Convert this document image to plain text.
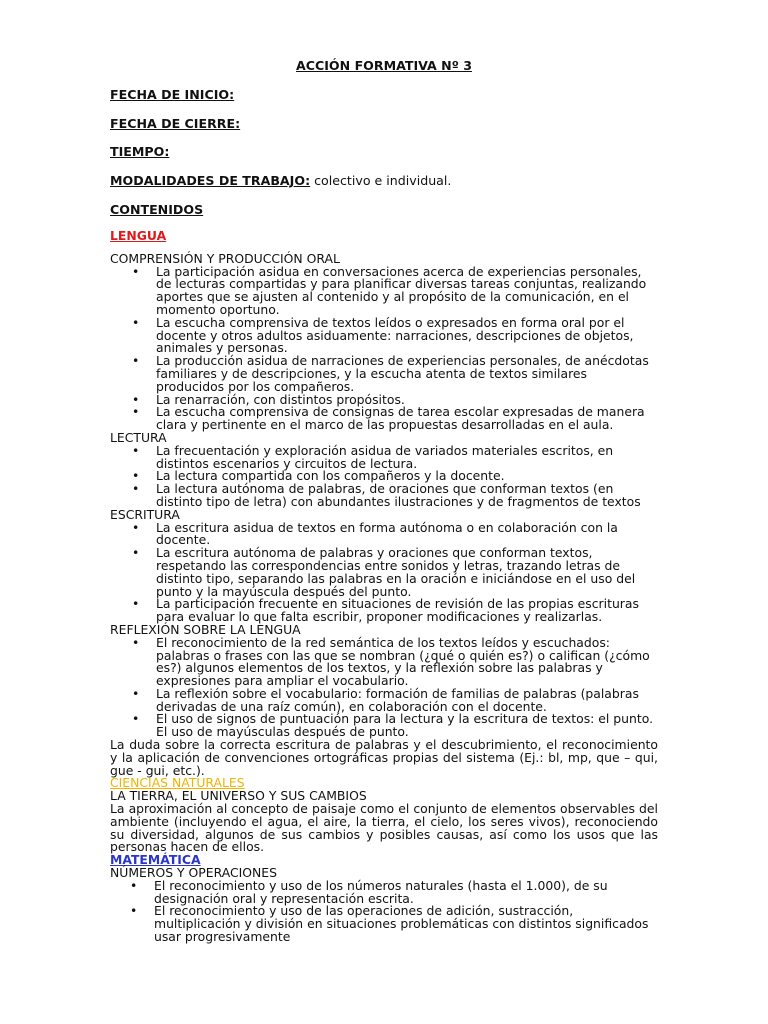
ACCIÓN FORMATIVA Nº 3
FECHA DE INICIO:
FECHA DE CIERRE:
TIEMPO:
MODALIDADES DE TRABAJO: colectivo e individual.
CONTENIDOS
LENGUA
COMPRENSIÓN Y PRODUCCIÓN ORAL
• La participación asidua en conversaciones acerca de experiencias personales, de lecturas compartidas y para planificar diversas tareas conjuntas, realizando aportes que se ajusten al contenido y al propósito de la comunicación, en el momento oportuno.
• La escucha comprensiva de textos leídos o expresados en forma oral por el docente y otros adultos asiduamente: narraciones, descripciones de objetos, animales y personas.
• La producción asidua de narraciones de experiencias personales, de anécdotas familiares y de descripciones, y la escucha atenta de textos similares producidos por los compañeros.
• La renarración, con distintos propósitos.
• La escucha comprensiva de consignas de tarea escolar expresadas de manera clara y pertinente en el marco de las propuestas desarrolladas en el aula.
LECTURA
• La frecuentación y exploración asidua de variados materiales escritos, en distintos escenarios y circuitos de lectura.
• La lectura compartida con los compañeros y la docente.
• La lectura autónoma de palabras, de oraciones que conforman textos (en distinto tipo de letra) con abundantes ilustraciones y de fragmentos de textos
ESCRITURA
• La escritura asidua de textos en forma autónoma o en colaboración con la docente.
• La escritura autónoma de palabras y oraciones que conforman textos, respetando las correspondencias entre sonidos y letras, trazando letras de distinto tipo, separando las palabras en la oración e iniciándose en el uso del punto y la mayúscula después del punto.
• La participación frecuente en situaciones de revisión de las propias escrituras para evaluar lo que falta escribir, proponer modificaciones y realizarlas.
REFLEXIÓN SOBRE LA LENGUA
• El reconocimiento de la red semántica de los textos leídos y escuchados: palabras o frases con las que se nombran (¿qué o quién es?) o califican (¿cómo es?) algunos elementos de los textos, y la reflexión sobre las palabras y expresiones para ampliar el vocabulario.
• La reflexión sobre el vocabulario: formación de familias de palabras (palabras derivadas de una raíz común), en colaboración con el docente.
• El uso de signos de puntuación para la lectura y la escritura de textos: el punto. El uso de mayúsculas después de punto.
La duda sobre la correcta escritura de palabras y el descubrimiento, el reconocimiento y la aplicación de convenciones ortográficas propias del sistema (Ej.: bl, mp, que – qui, gue - gui, etc.).
CIENCIAS NATURALES
LA TIERRA, EL UNIVERSO Y SUS CAMBIOS
La aproximación al concepto de paisaje como el conjunto de elementos observables del ambiente (incluyendo el agua, el aire, la tierra, el cielo, los seres vivos), reconociendo su diversidad, algunos de sus cambios y posibles causas, así como los usos que las personas hacen de ellos.
MATEMÁTICA
NÚMEROS Y OPERACIONES
• El reconocimiento y uso de los números naturales (hasta el 1.000), de su designación oral y representación escrita.
• El reconocimiento y uso de las operaciones de adición, sustracción, multiplicación y división en situaciones problemáticas con distintos significados usar progresivamente
